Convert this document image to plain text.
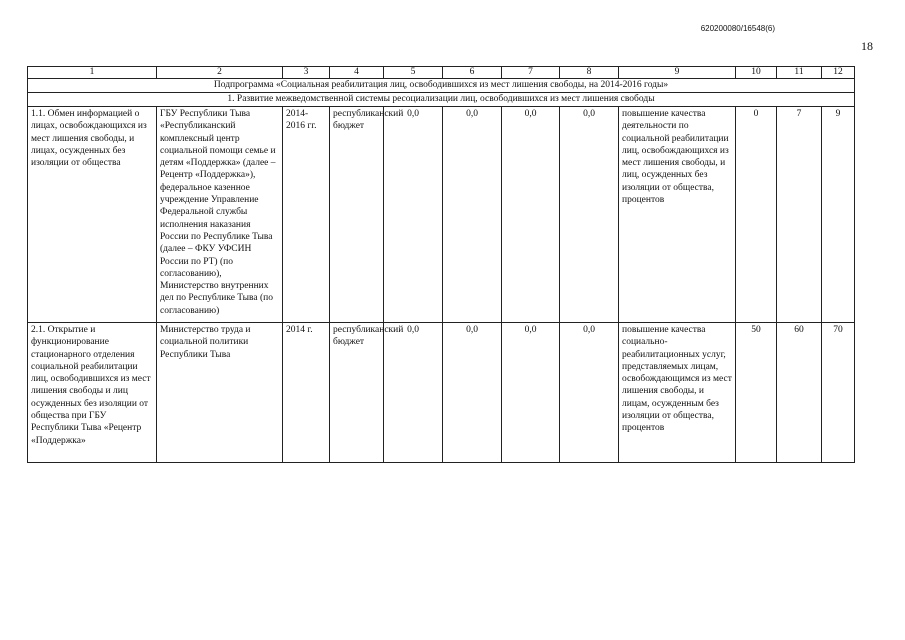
620200080/16548(6)
18
1	2	3	4	5	6	7	8	9	10	11	12
Подпрограмма «Социальная реабилитация лиц, освободившихся из мест лишения свободы, на 2014-2016 годы»											
1. Развитие межведомственной системы ресоциализации лиц, освободившихся из мест лишения свободы											
1.1. Обмен информацией о лицах, освобождающихся из мест лишения свободы, и лицах, осужденных без изоляции от общества	ГБУ Республики Тыва «Республиканский комплексный центр социальной помощи семье и детям «Поддержка» (далее – Рецентр «Поддержка»), федеральное казенное учреждение Управление Федеральной службы исполнения наказания России по Республике Тыва (далее – ФКУ УФСИН России по РТ) (по согласованию), Министерство внутренних дел по Республике Тыва (по согласованию)	2014-2016 гг.	республиканский бюджет	0,0	0,0	0,0	0,0	повышение качества деятельности по социальной реабилитации лиц, освобождающихся из мест лишения свободы, и лиц, осужденных без изоляции от общества, процентов	0	7	9
2.1. Открытие и функционирование стационарного отделения социальной реабилитации лиц, освободившихся из мест лишения свободы и лиц осужденных без изоляции от общества при ГБУ Республики Тыва «Рецентр «Поддержка»	Министерство труда и социальной политики Республики Тыва	2014 г.	республиканский бюджет	0,0	0,0	0,0	0,0	повышение качества социально-реабилитационных услуг, представляемых лицам, освобождающимся из мест лишения свободы, и лицам, осужденным без изоляции от общества, процентов	50	60	70
